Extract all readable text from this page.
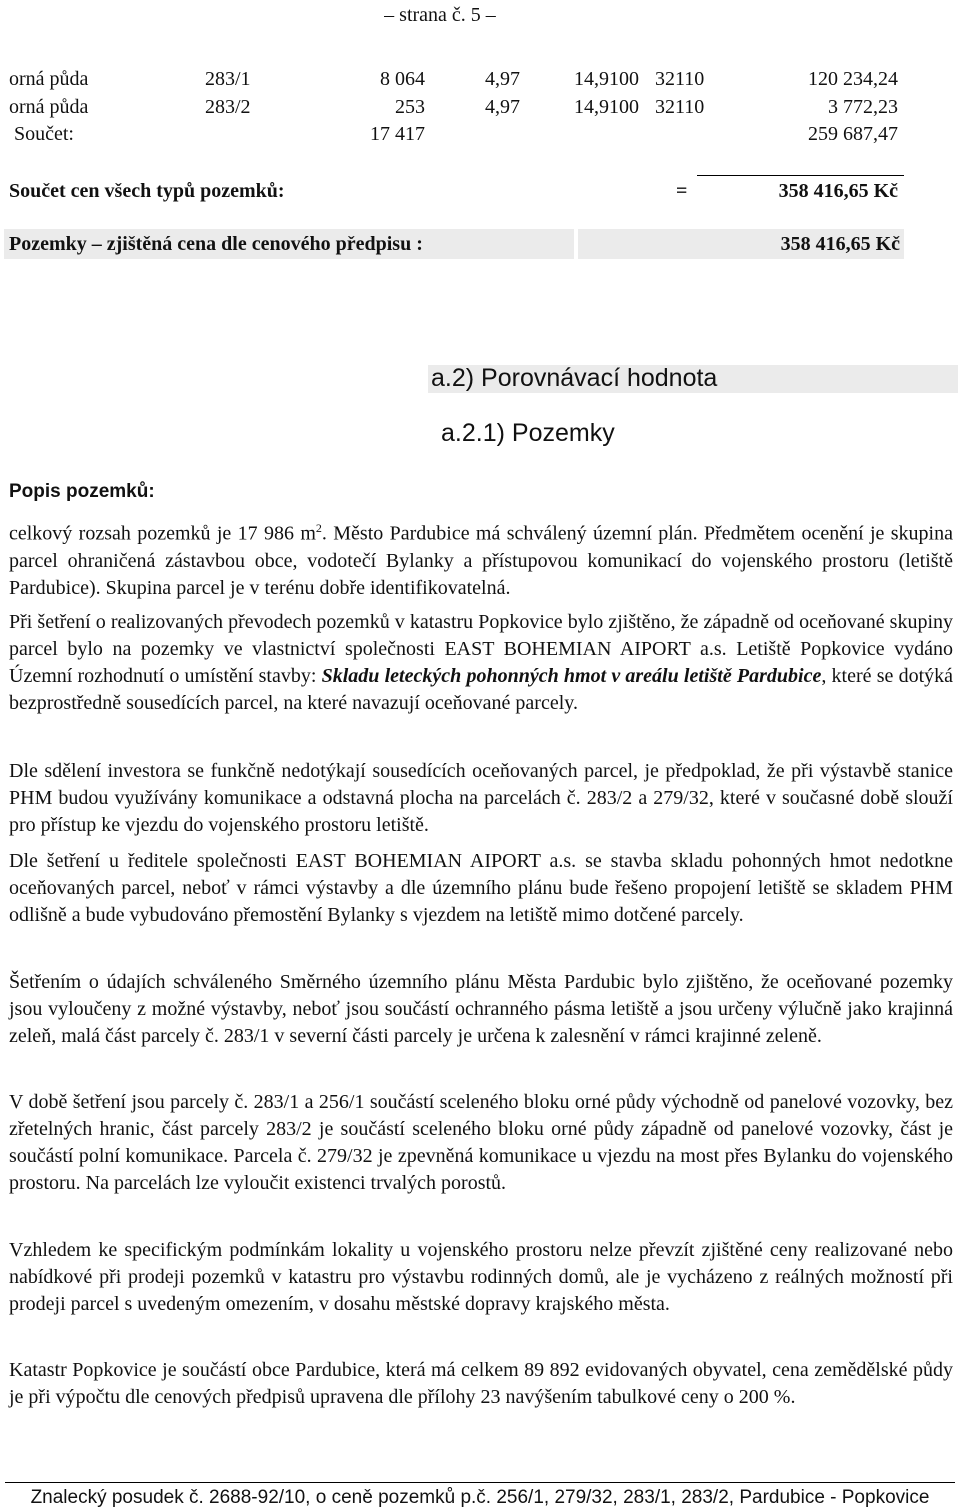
– strana č. 5 –
orná půda	283/1	8 064	4,97	14,9100 32110	120 234,24
orná půda	283/2	253	4,97	14,9100 32110	3 772,23
Součet:	17 417	259 687,47
Součet cen všech typů pozemků:	=	358 416,65 Kč
Pozemky – zjištěná cena dle cenového předpisu :	358 416,65 Kč
a.2) Porovnávací hodnota
a.2.1) Pozemky
Popis pozemků:

celkový rozsah pozemků je 17 986 $m^2$. Město Pardubice má schválený územní plán. Předmětem ocenění je skupina parcel ohraničená zástavbou obce, vodotečí Bylanky a přístupovou komunikací do vojenského prostoru (letiště Pardubice). Skupina parcel je v terénu dobře identifikovatelná.

Při šetření o realizovaných převodech pozemků v katastru Popkovice bylo zjištěno, že západně od oceňované skupiny parcel bylo na pozemky ve vlastnictví společnosti EAST BOHEMIAN AIPORT a.s. Letiště Popkovice vydáno Územní rozhodnutí o umístění stavby: Skladu leteckých pohonných hmot v areálu letiště Pardubice, které se dotýká bezprostředně sousedících parcel, na které navazují oceňované parcely.

Dle sdělení investora se funkčně nedotýkají sousedících oceňovaných parcel, je předpoklad, že při výstavbě stanice PHM budou využívány komunikace a odstavná plocha na parcelách č. 283/2 a 279/32, které v současné době slouží pro přístup ke vjezdu do vojenského prostoru letiště.

Dle šetření u ředitele společnosti EAST BOHEMIAN AIPORT a.s. se stavba skladu pohonných hmot nedotkne oceňovaných parcel, neboť v rámci výstavby a dle územního plánu bude řešeno propojení letiště se skladem PHM odlišně a bude vybudováno přemostění Bylanky s vjezdem na letiště mimo dotčené parcely.

Šetřením o údajích schváleného Směrného územního plánu Města Pardubic bylo zjištěno, že oceňované pozemky jsou vyloučeny z možné výstavby, neboť jsou součástí ochranného pásma letiště a jsou určeny výlučně jako krajinná zeleň, malá část parcely č. 283/1 v severní části parcely je určena k zalesnění v rámci krajinné zeleně.

V době šetření jsou parcely č. 283/1 a 256/1 součástí sceleného bloku orné půdy východně od panelové vozovky, bez zřetelných hranic, část parcely 283/2 je součástí sceleného bloku orné půdy západně od panelové vozovky, část je součástí polní komunikace. Parcela č. 279/32 je zpevněná komunikace u vjezdu na most přes Bylanku do vojenského prostoru. Na parcelách lze vyloučit existenci trvalých porostů.

Vzhledem ke specifickým podmínkám lokality u vojenského prostoru nelze převzít zjištěné ceny realizované nebo nabídkové při prodeji pozemků v katastru pro výstavbu rodinných domů, ale je vycházeno z reálných možností při prodeji parcel s uvedeným omezením, v dosahu městské dopravy krajského města.

Katastr Popkovice je součástí obce Pardubice, která má celkem 89 892 evidovaných obyvatel, cena zemědělské půdy je při výpočtu dle cenových předpisů upravena dle přílohy 23 navýšením tabulkové ceny o 200 %.

Znalecký posudek č. 2688-92/10, o ceně pozemků p.č. 256/1, 279/32, 283/1, 283/2, Pardubice - Popkovice
